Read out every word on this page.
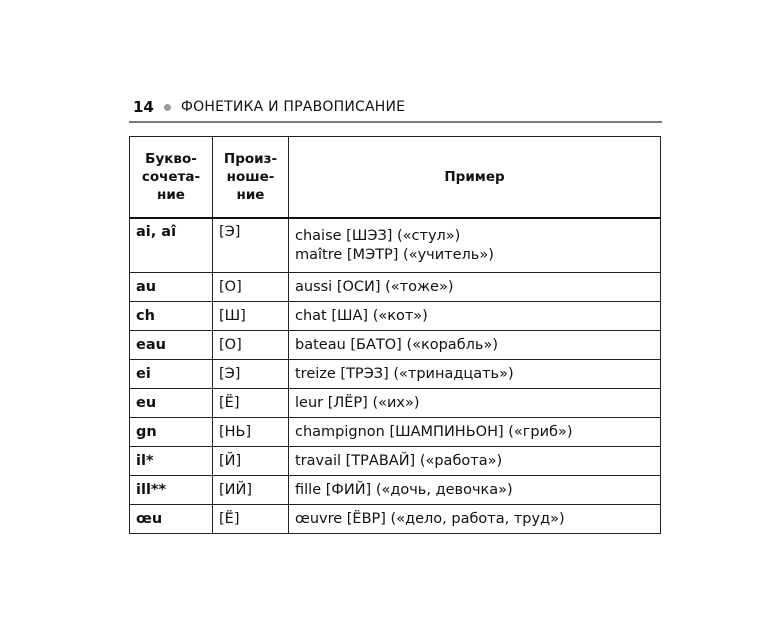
14 ФОНЕТИКА И ПРАВОПИСАНИЕ
Букво-
сочета-
ние	Произ-
ноше-
ние	Пример

ai, aî	[Э]	chaise [ШЭЗ] («стул»)
maître [МЭТР] («учитель»)

au	[О]	aussi [ОСИ] («тоже»)
ch	[Ш]	chat [ША] («кот»)
eau	[О]	bateau [БАТО] («корабль»)
ei	[Э]	treize [ТРЭЗ] («тринадцать»)
eu	[Ё]	leur [ЛЁР] («их»)
gn	[НЬ]	champignon [ШАМПИНЬОН] («гриб»)
il*	[Й]	travail [ТРАВАЙ] («работа»)
ill**	[ИЙ]	fille [ФИЙ] («дочь, девочка»)
œu	[Ё]	œuvre [ЁВР] («дело, работа, труд»)
